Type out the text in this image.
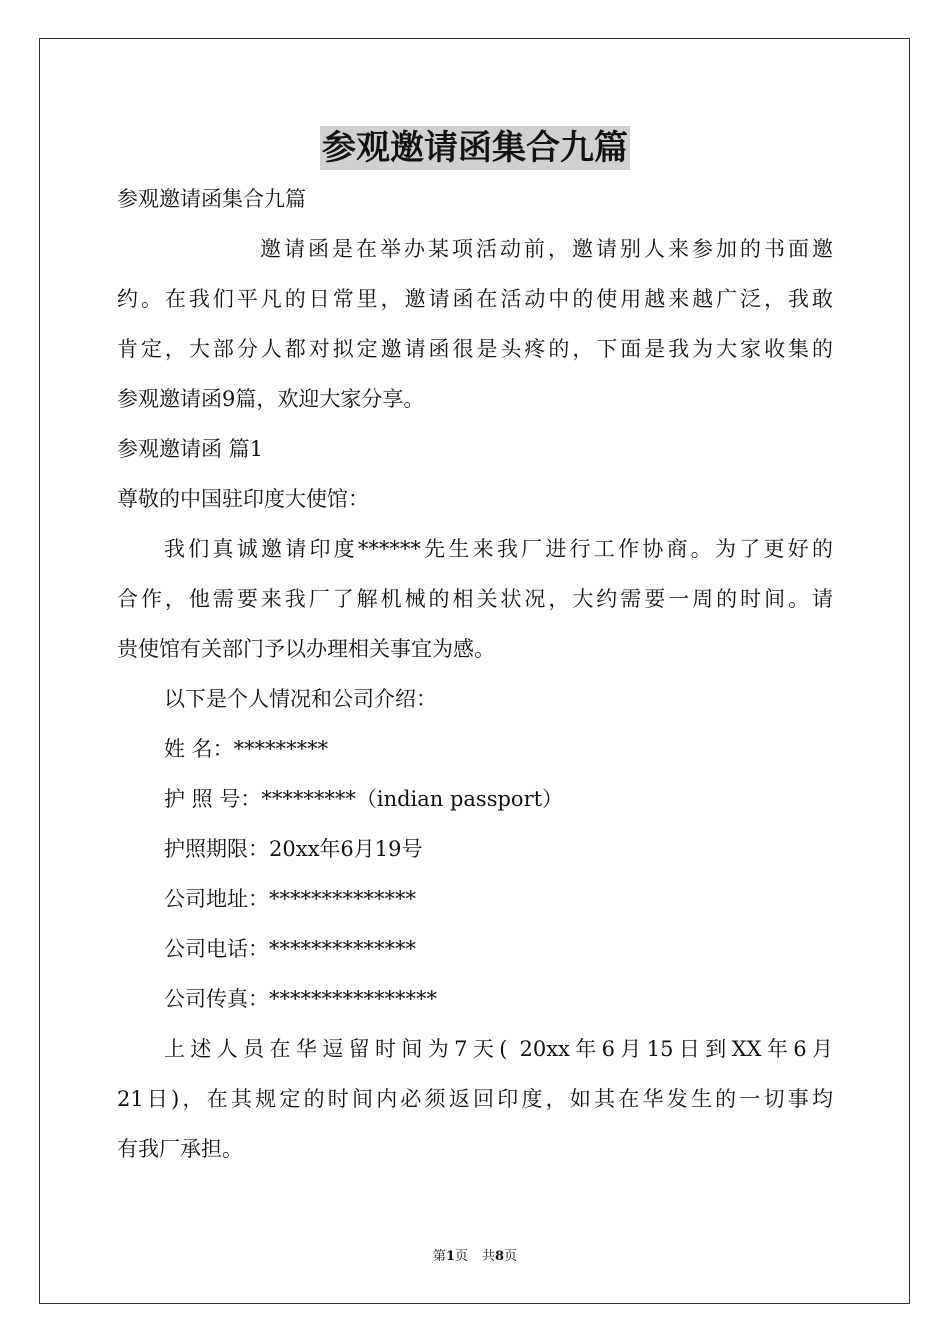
参观邀请函集合九篇
参观邀请函集合九篇
邀请函是在举办某项活动前，邀请别人来参加的书面邀
约。在我们平凡的日常里，邀请函在活动中的使用越来越广泛，我敢
肯定，大部分人都对拟定邀请函很是头疼的，下面是我为大家收集的
参观邀请函9篇，欢迎大家分享。
参观邀请函 篇1
尊敬的中国驻印度大使馆：
我们真诚邀请印度******先生来我厂进行工作协商。为了更好的
合作，他需要来我厂了解机械的相关状况，大约需要一周的时间。请
贵使馆有关部门予以办理相关事宜为感。
以下是个人情况和公司介绍：
姓 名：*********
护 照 号：*********（indian passport）
护照期限：20xx年6月19号
公司地址：**************
公司电话：**************
公司传真：****************
上述人员在华逗留时间为7天( 20xx年6月15日到XX年6月
21日)，在其规定的时间内必须返回印度，如其在华发生的一切事均
有我厂承担。
第1页 共8页
